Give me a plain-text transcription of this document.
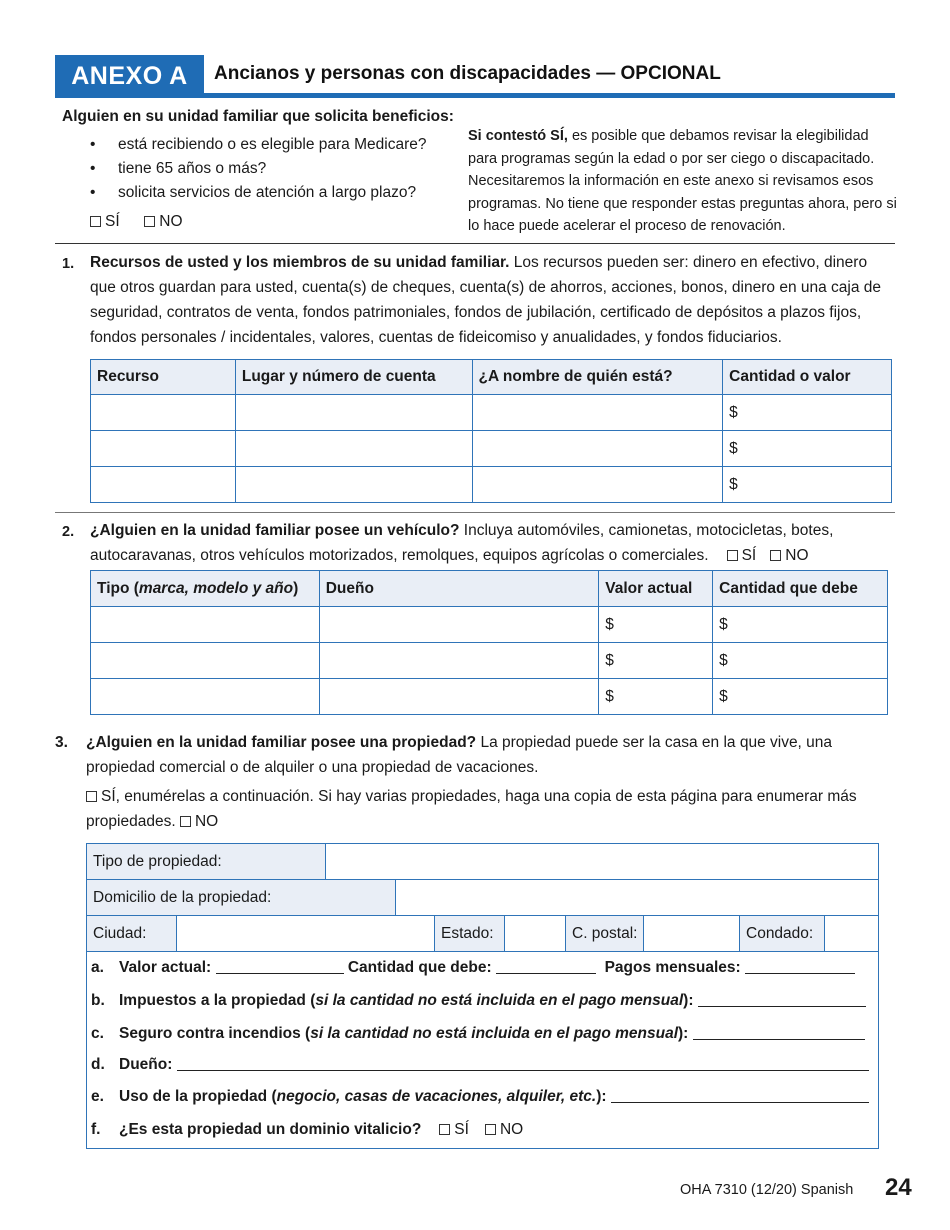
ANEXO A	Ancianos y personas con discapacidades — OPCIONAL
Alguien en su unidad familiar que solicita beneficios:
• está recibiendo o es elegible para Medicare?
• tiene 65 años o más?
• solicita servicios de atención a largo plazo?
SÍ	NO
Si contestó SÍ, es posible que debamos revisar la elegibilidad para programas según la edad o por ser ciego o discapacitado. Necesitaremos la información en este anexo si revisamos esos programas. No tiene que responder estas preguntas ahora, pero si lo hace puede acelerar el proceso de renovación.
1. Recursos de usted y los miembros de su unidad familiar. Los recursos pueden ser: dinero en efectivo, dinero que otros guardan para usted, cuenta(s) de cheques, cuenta(s) de ahorros, acciones, bonos, dinero en una caja de seguridad, contratos de venta, fondos patrimoniales, fondos de jubilación, certificado de depósitos a plazos fijos, fondos personales / incidentales, valores, cuentas de fideicomiso y anualidades, y fondos fiduciarios.
Recurso	Lugar y número de cuenta	¿A nombre de quién está?	Cantidad o valor
			$
			$
			$
2. ¿Alguien en la unidad familiar posee un vehículo? Incluya automóviles, camionetas, motocicletas, botes, autocaravanas, otros vehículos motorizados, remolques, equipos agrícolas o comerciales. SÍ NO
Tipo (marca, modelo y año)	Dueño	Valor actual	Cantidad que debe
		$	$
		$	$
		$	$
3. ¿Alguien en la unidad familiar posee una propiedad? La propiedad puede ser la casa en la que vive, una propiedad comercial o de alquiler o una propiedad de vacaciones.
SÍ, enumérelas a continuación. Si hay varias propiedades, haga una copia de esta página para enumerar más propiedades. NO
Tipo de propiedad:
Domicilio de la propiedad:
Ciudad:	Estado:	C. postal:	Condado:
a. Valor actual:	Cantidad que debe:	Pagos mensuales:
b. Impuestos a la propiedad (si la cantidad no está incluida en el pago mensual):
c. Seguro contra incendios (si la cantidad no está incluida en el pago mensual):
d. Dueño:
e. Uso de la propiedad (negocio, casas de vacaciones, alquiler, etc.):
f. ¿Es esta propiedad un dominio vitalicio? SÍ NO
OHA 7310 (12/20) Spanish 24
